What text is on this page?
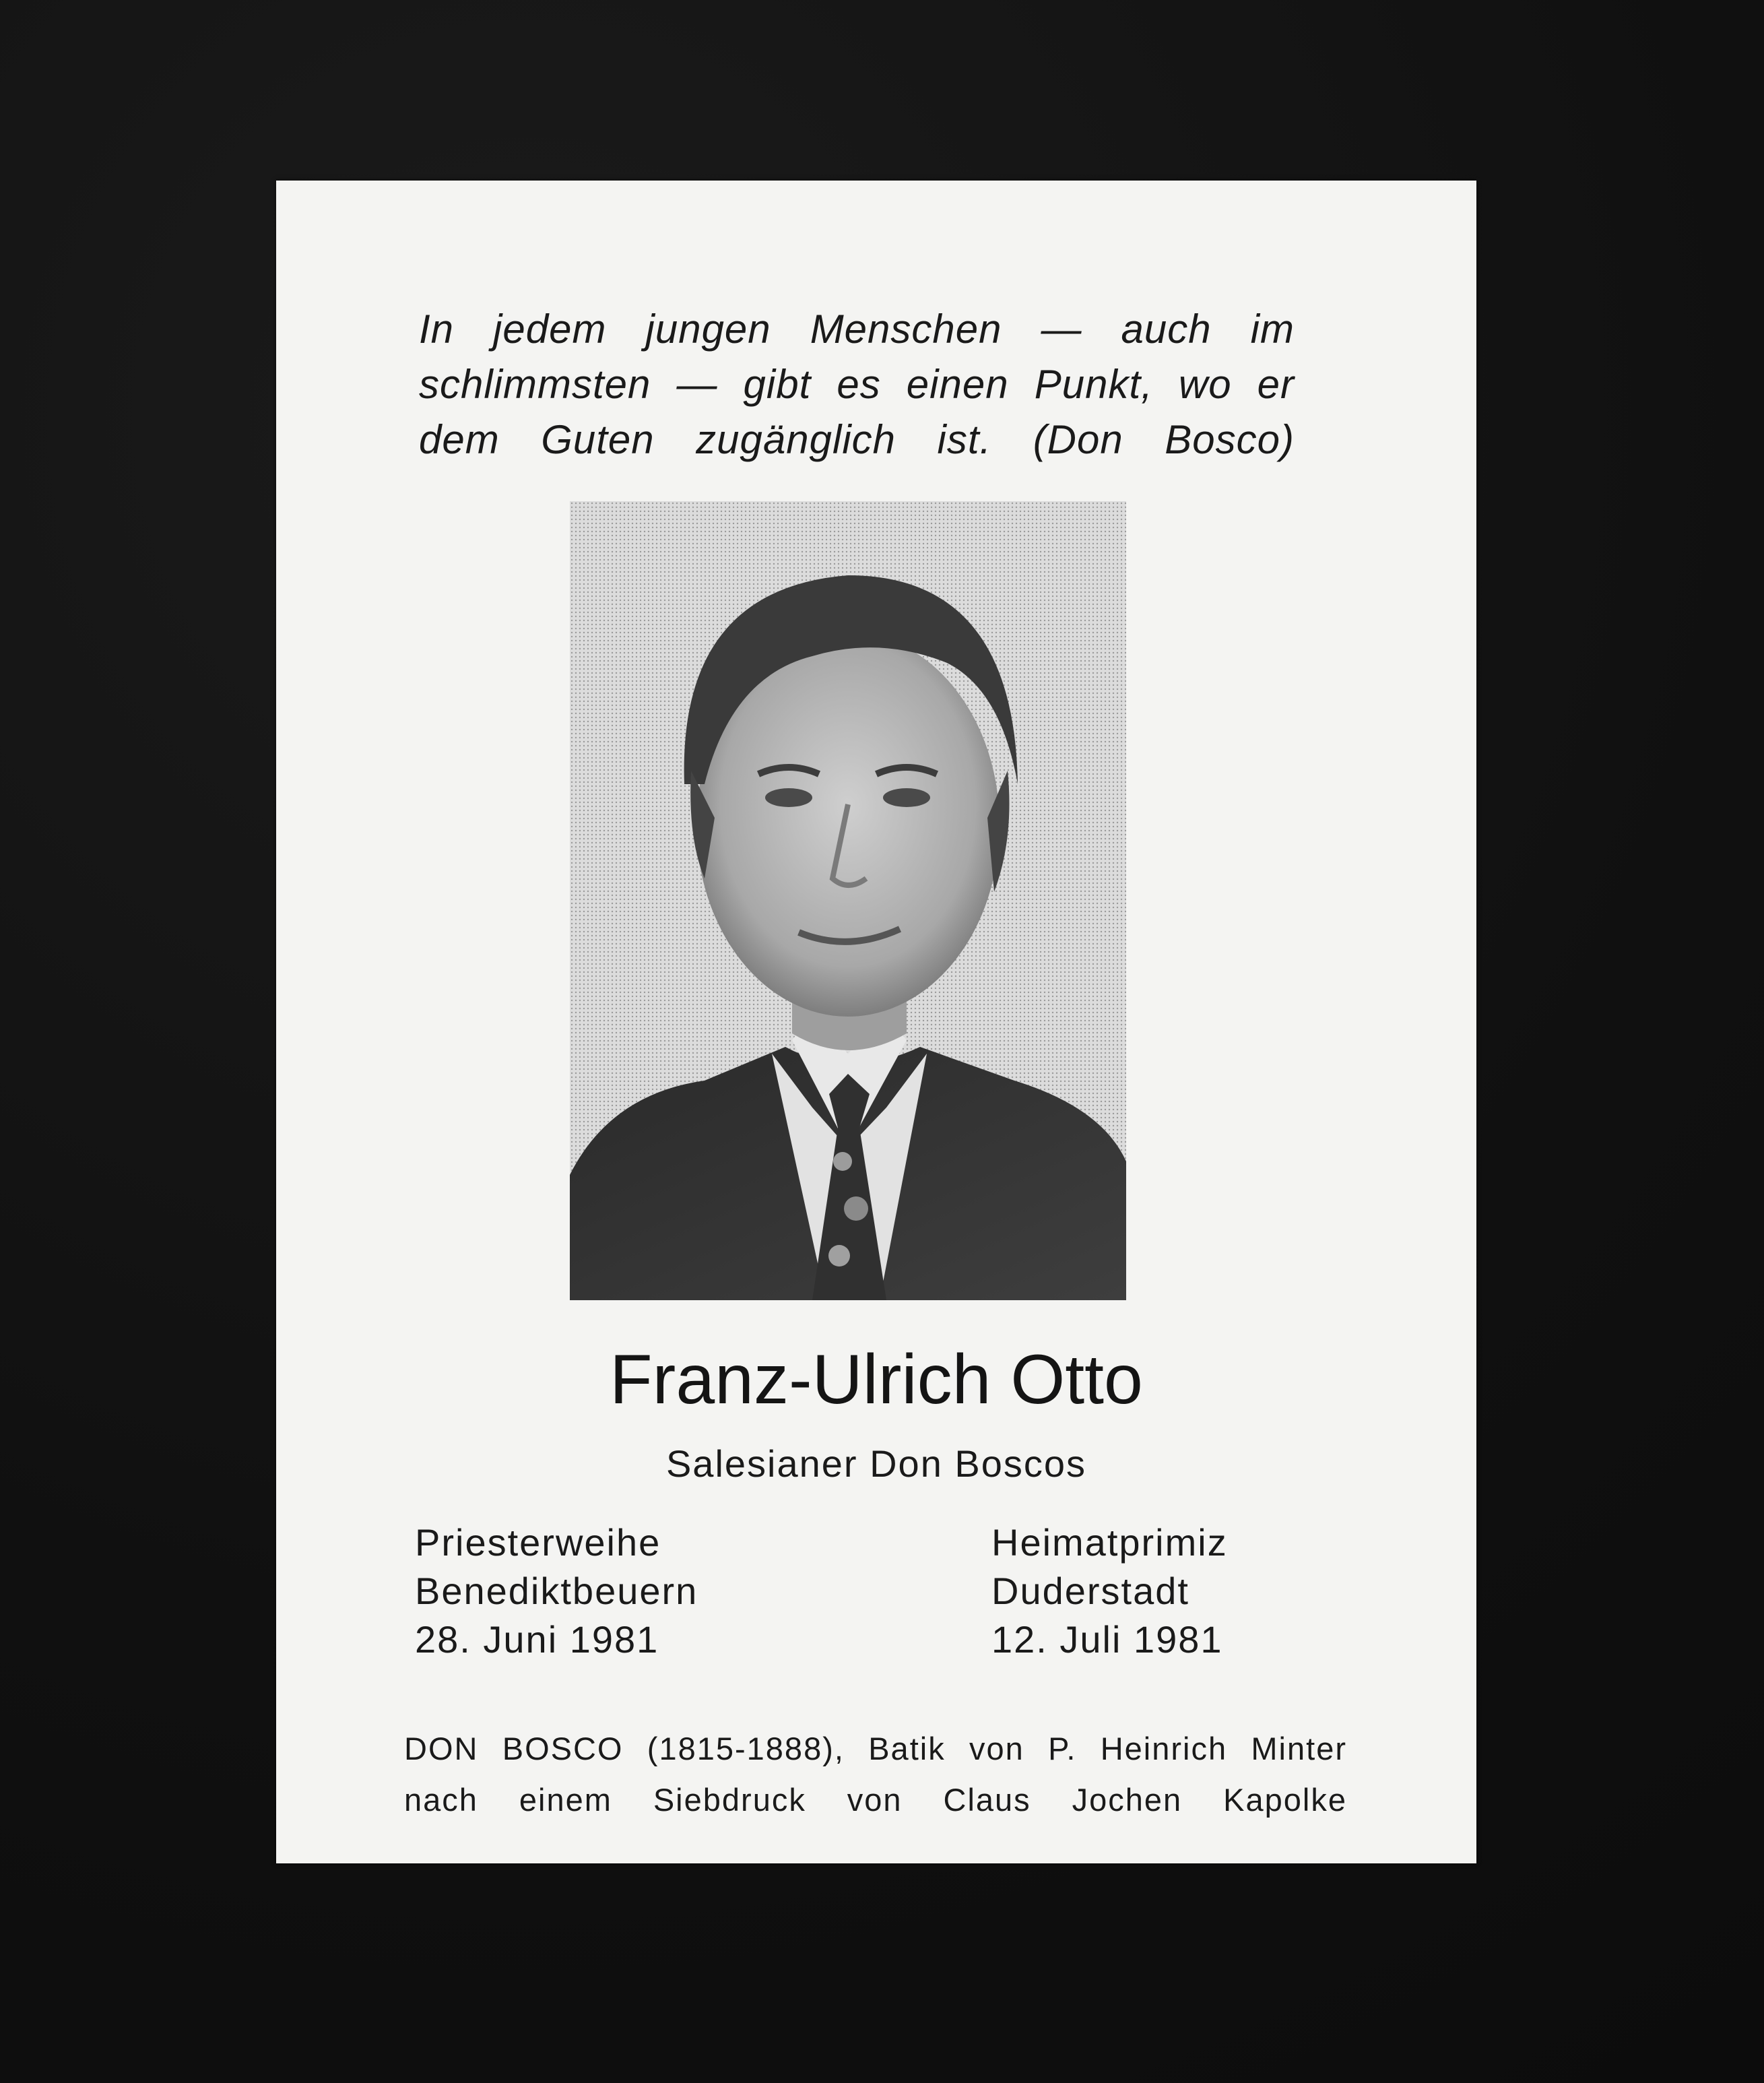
In jedem jungen Menschen — auch im
schlimmsten — gibt es einen Punkt, wo er
dem Guten zugänglich ist. (Don Bosco)

Franz-Ulrich Otto

Salesianer Don Boscos

Priesterweihe
Benediktbeuern
28. Juni 1981
Heimatprimiz
Duderstadt
12. Juli 1981
DON BOSCO (1815-1888), Batik von P. Heinrich Minter
nach einem Siebdruck von Claus Jochen Kapolke
